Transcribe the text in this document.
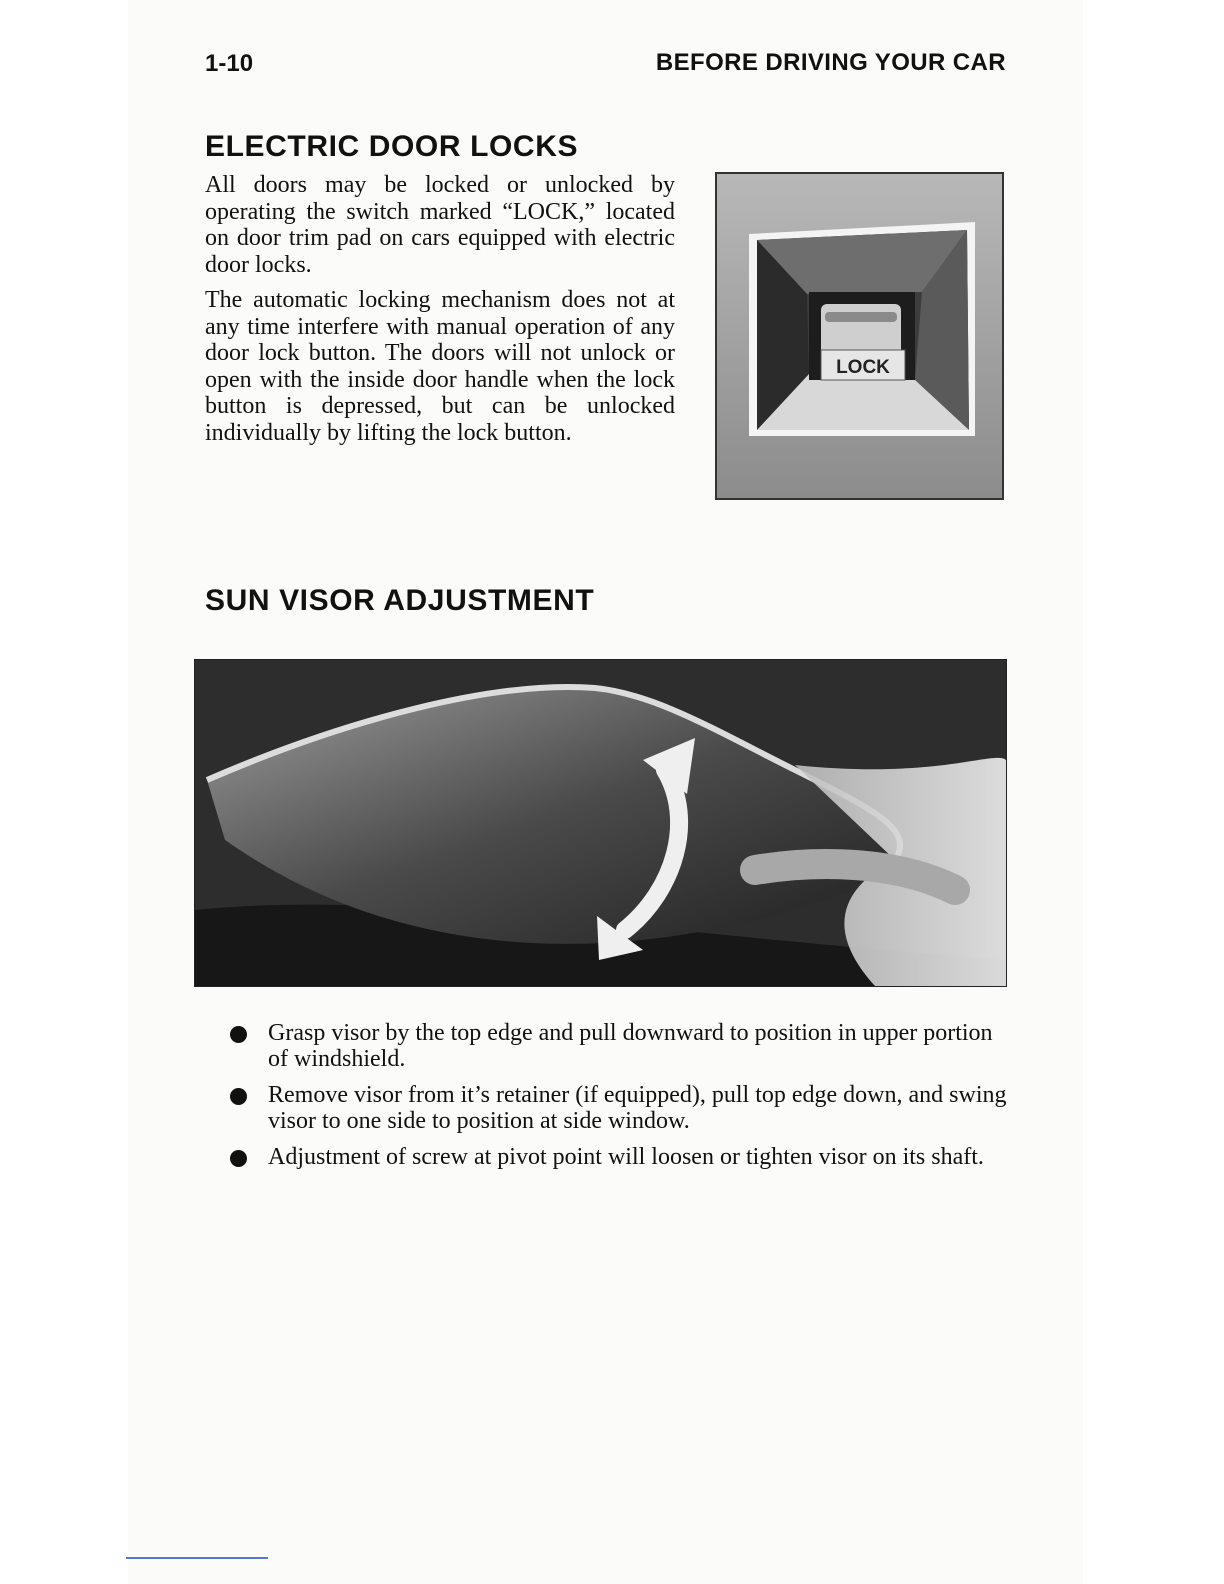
1-10	BEFORE DRIVING YOUR CAR
ELECTRIC DOOR LOCKS

All doors may be locked or unlocked by operating the switch marked “LOCK,” located on door trim pad on cars equipped with electric door locks.

The automatic locking mechanism does not at any time interfere with manual operation of any door lock button. The doors will not unlock or open with the inside door handle when the lock button is depressed, but can be unlocked individually by lifting the lock button.

LOCK
SUN VISOR ADJUSTMENT
Grasp visor by the top edge and pull downward to position in upper portion of windshield.
Remove visor from it’s retainer (if equipped), pull top edge down, and swing visor to one side to position at side window.
Adjustment of screw at pivot point will loosen or tighten visor on its shaft.
